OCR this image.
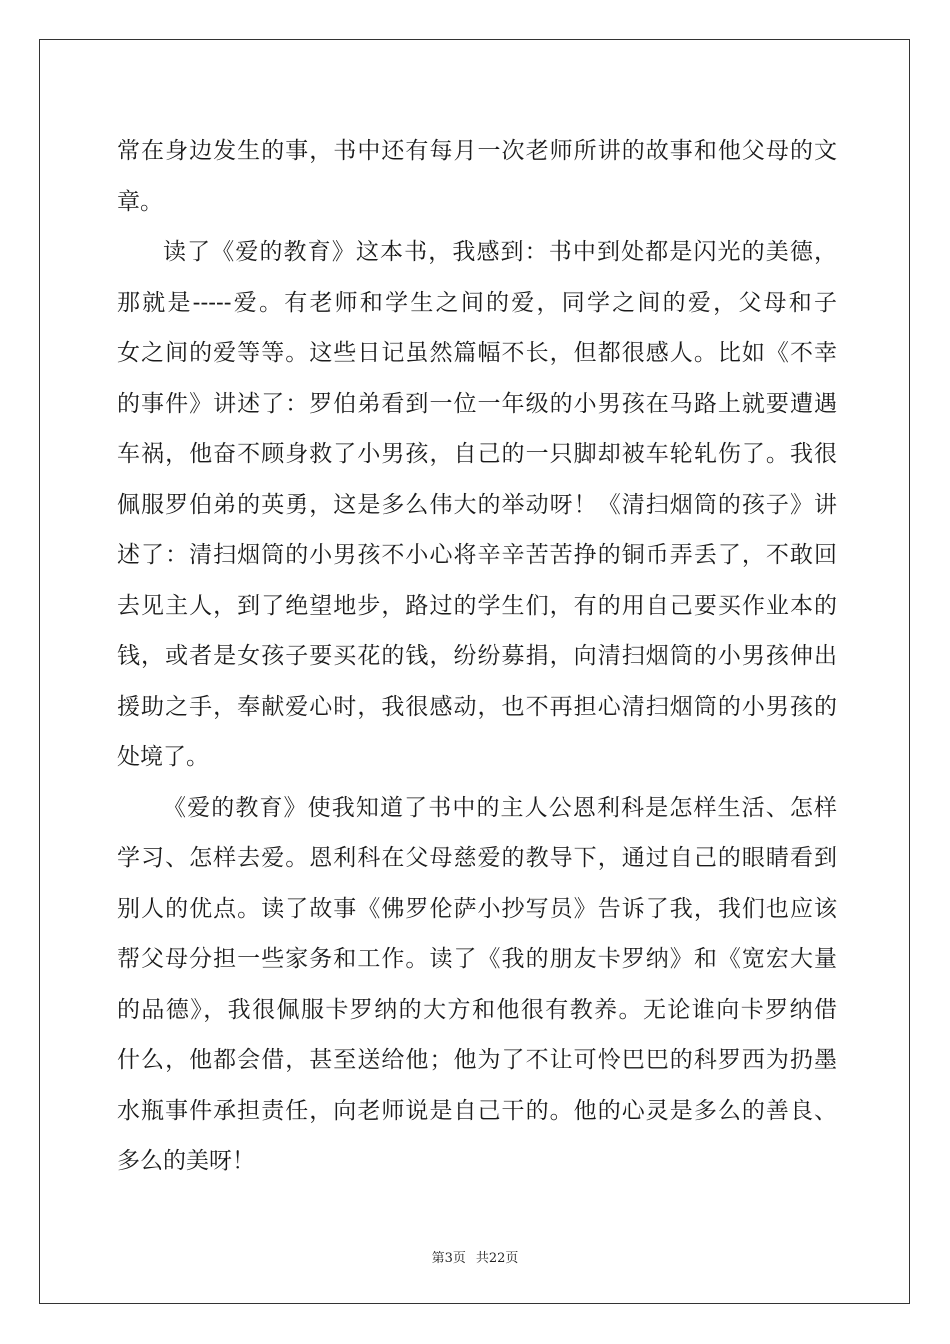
常在身边发生的事，书中还有每月一次老师所讲的故事和他父母的文
章。
读了《爱的教育》这本书，我感到：书中到处都是闪光的美德，
那就是-----爱。有老师和学生之间的爱，同学之间的爱，父母和子
女之间的爱等等。这些日记虽然篇幅不长，但都很感人。比如《不幸
的事件》讲述了：罗伯弟看到一位一年级的小男孩在马路上就要遭遇
车祸，他奋不顾身救了小男孩，自己的一只脚却被车轮轧伤了。我很
佩服罗伯弟的英勇，这是多么伟大的举动呀！《清扫烟筒的孩子》讲
述了：清扫烟筒的小男孩不小心将辛辛苦苦挣的铜币弄丢了，不敢回
去见主人，到了绝望地步，路过的学生们，有的用自己要买作业本的
钱，或者是女孩子要买花的钱，纷纷募捐，向清扫烟筒的小男孩伸出
援助之手，奉献爱心时，我很感动，也不再担心清扫烟筒的小男孩的
处境了。
《爱的教育》使我知道了书中的主人公恩利科是怎样生活、怎样
学习、怎样去爱。恩利科在父母慈爱的教导下，通过自己的眼睛看到
别人的优点。读了故事《佛罗伦萨小抄写员》告诉了我，我们也应该
帮父母分担一些家务和工作。读了《我的朋友卡罗纳》和《宽宏大量
的品德》，我很佩服卡罗纳的大方和他很有教养。无论谁向卡罗纳借
什么，他都会借，甚至送给他；他为了不让可怜巴巴的科罗西为扔墨
水瓶事件承担责任，向老师说是自己干的。他的心灵是多么的善良、
多么的美呀！
第3页 共22页
